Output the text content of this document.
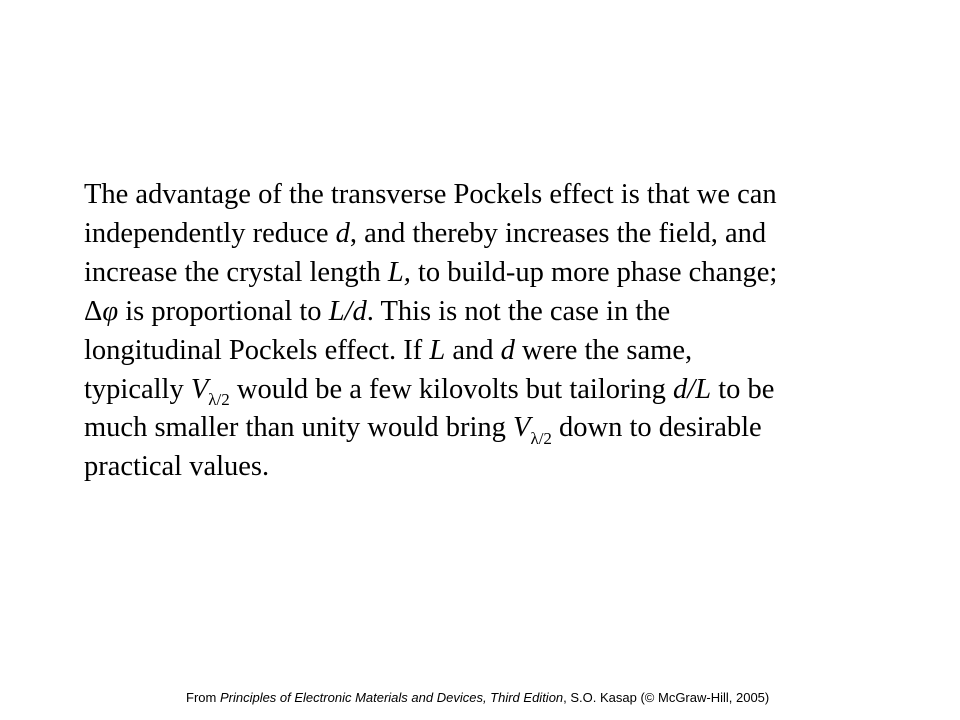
The advantage of the transverse Pockels effect is that we can
independently reduce d, and thereby increases the field, and
increase the crystal length L, to build-up more phase change;
Δφ is proportional to L/d. This is not the case in the
longitudinal Pockels effect. If L and d were the same,
typically $V_{\lambda/2}$ would be a few kilovolts but tailoring d/L to be
much smaller than unity would bring $V_{\lambda/2}$ down to desirable
practical values.
From Principles of Electronic Materials and Devices, Third Edition, S.O. Kasap (© McGraw-Hill, 2005)
